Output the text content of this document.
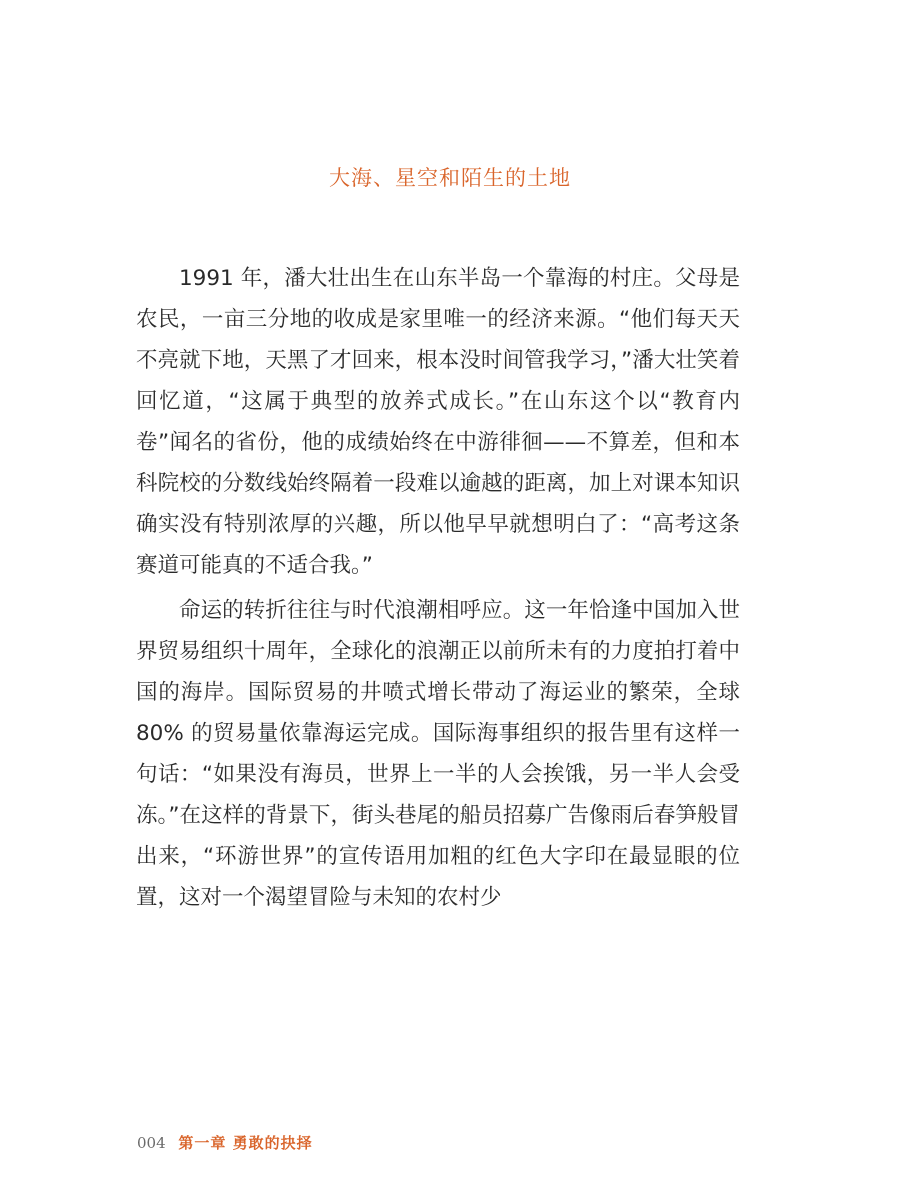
大海、星空和陌生的土地

1991 年，潘大壮出生在山东半岛一个靠海的村庄。父母是农民，一亩三分地的收成是家里唯一的经济来源。“他们每天天不亮就下地，天黑了才回来，根本没时间管我学习，”潘大壮笑着回忆道，“这属于典型的放养式成长。”在山东这个以“教育内卷”闻名的省份，他的成绩始终在中游徘徊——不算差，但和本科院校的分数线始终隔着一段难以逾越的距离，加上对课本知识确实没有特别浓厚的兴趣，所以他早早就想明白了：“高考这条赛道可能真的不适合我。”

命运的转折往往与时代浪潮相呼应。这一年恰逢中国加入世界贸易组织十周年，全球化的浪潮正以前所未有的力度拍打着中国的海岸。国际贸易的井喷式增长带动了海运业的繁荣，全球 80% 的贸易量依靠海运完成。国际海事组织的报告里有这样一句话：“如果没有海员，世界上一半的人会挨饿，另一半人会受冻。”在这样的背景下，街头巷尾的船员招募广告像雨后春笋般冒出来，“环游世界”的宣传语用加粗的红色大字印在最显眼的位置，这对一个渴望冒险与未知的农村少

004 第一章 勇敢的抉择
